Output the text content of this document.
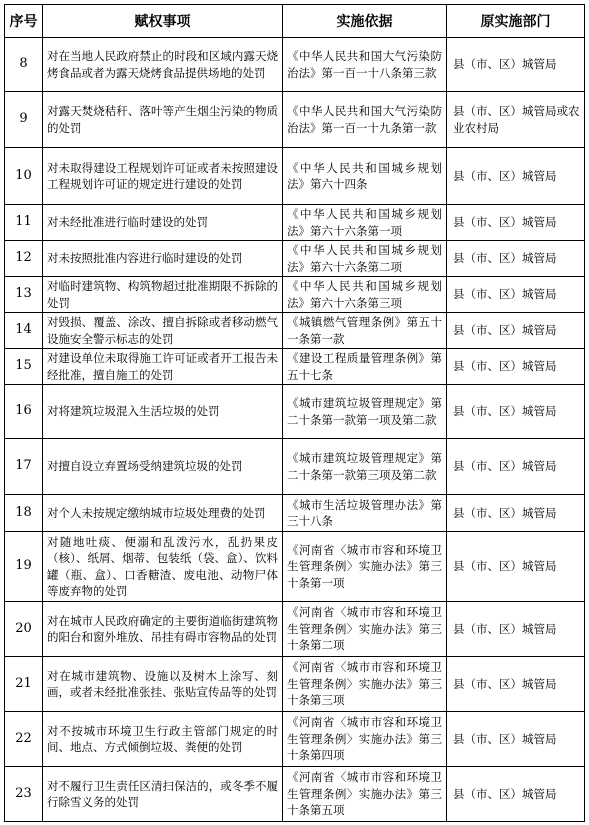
序号	赋权事项	实施依据	原实施部门
8	对在当地人民政府禁止的时段和区域内露天烧烤食品或者为露天烧烤食品提供场地的处罚	《中华人民共和国大气污染防治法》第一百一十八条第三款	县（市、区）城管局
9	对露天焚烧秸秆、落叶等产生烟尘污染的物质的处罚	《中华人民共和国大气污染防治法》第一百一十九条第一款	县（市、区）城管局或农业农村局
10	对未取得建设工程规划许可证或者未按照建设工程规划许可证的规定进行建设的处罚	《中华人民共和国城乡规划法》第六十四条	县（市、区）城管局
11	对未经批准进行临时建设的处罚	《中华人民共和国城乡规划法》第六十六条第一项	县（市、区）城管局
12	对未按照批准内容进行临时建设的处罚	《中华人民共和国城乡规划法》第六十六条第二项	县（市、区）城管局
13	对临时建筑物、构筑物超过批准期限不拆除的处罚	《中华人民共和国城乡规划法》第六十六条第三项	县（市、区）城管局
14	对毁损、覆盖、涂改、擅自拆除或者移动燃气设施安全警示标志的处罚	《城镇燃气管理条例》第五十一条第一款	县（市、区）城管局
15	对建设单位未取得施工许可证或者开工报告未经批准，擅自施工的处罚	《建设工程质量管理条例》第五十七条	县（市、区）城管局
16	对将建筑垃圾混入生活垃圾的处罚	《城市建筑垃圾管理规定》第二十条第一款第一项及第二款	县（市、区）城管局
17	对擅自设立弃置场受纳建筑垃圾的处罚	《城市建筑垃圾管理规定》第二十条第一款第三项及第二款	县（市、区）城管局
18	对个人未按规定缴纳城市垃圾处理费的处罚	《城市生活垃圾管理办法》第三十八条	县（市、区）城管局
19	对随地吐痰、便溺和乱泼污水，乱扔果皮（核）、纸屑、烟蒂、包装纸（袋、盒）、饮料罐（瓶、盒）、口香糖渣、废电池、动物尸体等废弃物的处罚	《河南省〈城市市容和环境卫生管理条例〉实施办法》第三十条第一项	县（市、区）城管局
20	对在城市人民政府确定的主要街道临街建筑物的阳台和窗外堆放、吊挂有碍市容物品的处罚	《河南省〈城市市容和环境卫生管理条例〉实施办法》第三十条第二项	县（市、区）城管局
21	对在城市建筑物、设施以及树木上涂写、刻画，或者未经批准张挂、张贴宣传品等的处罚	《河南省〈城市市容和环境卫生管理条例〉实施办法》第三十条第三项	县（市、区）城管局
22	对不按城市环境卫生行政主管部门规定的时间、地点、方式倾倒垃圾、粪便的处罚	《河南省〈城市市容和环境卫生管理条例〉实施办法》第三十条第四项	县（市、区）城管局
23	对不履行卫生责任区清扫保洁的，或冬季不履行除雪义务的处罚	《河南省〈城市市容和环境卫生管理条例〉实施办法》第三十条第五项	县（市、区）城管局
